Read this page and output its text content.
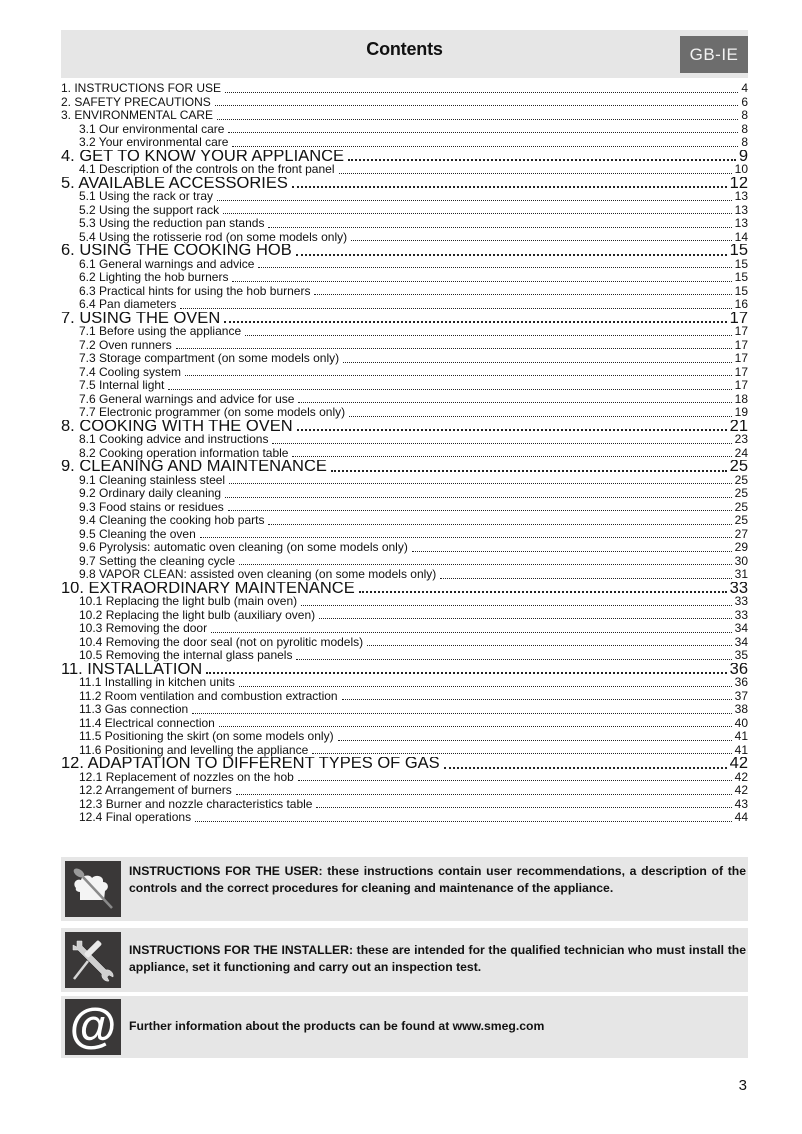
Contents	GB-IE
1. INSTRUCTIONS FOR USE	4
2. SAFETY PRECAUTIONS	6
3. ENVIRONMENTAL CARE	8
3.1 Our environmental care	8
3.2 Your environmental care	8
4. GET TO KNOW YOUR APPLIANCE	9
4.1 Description of the controls on the front panel	10
5. AVAILABLE ACCESSORIES	12
5.1 Using the rack or tray	13
5.2 Using the support rack	13
5.3 Using the reduction pan stands	13
5.4 Using the rotisserie rod (on some models only)	14
6. USING THE COOKING HOB	15
6.1 General warnings and advice	15
6.2 Lighting the hob burners	15
6.3 Practical hints for using the hob burners	15
6.4 Pan diameters	16
7. USING THE OVEN	17
7.1 Before using the appliance	17
7.2 Oven runners	17
7.3 Storage compartment (on some models only)	17
7.4 Cooling system	17
7.5 Internal light	17
7.6 General warnings and advice for use	18
7.7 Electronic programmer (on some models only)	19
8. COOKING WITH THE OVEN	21
8.1 Cooking advice and instructions	23
8.2 Cooking operation information table	24
9. CLEANING AND MAINTENANCE	25
9.1 Cleaning stainless steel	25
9.2 Ordinary daily cleaning	25
9.3 Food stains or residues	25
9.4 Cleaning the cooking hob parts	25
9.5 Cleaning the oven	27
9.6 Pyrolysis: automatic oven cleaning (on some models only)	29
9.7 Setting the cleaning cycle	30
9.8 VAPOR CLEAN: assisted oven cleaning (on some models only)	31
10. EXTRAORDINARY MAINTENANCE	33
10.1 Replacing the light bulb (main oven)	33
10.2 Replacing the light bulb (auxiliary oven)	33
10.3 Removing the door	34
10.4 Removing the door seal (not on pyrolitic models)	34
10.5 Removing the internal glass panels	35
11. INSTALLATION	36
11.1 Installing in kitchen units	36
11.2 Room ventilation and combustion extraction	37
11.3 Gas connection	38
11.4 Electrical connection	40
11.5 Positioning the skirt (on some models only)	41
11.6 Positioning and levelling the appliance	41
12. ADAPTATION TO DIFFERENT TYPES OF GAS	42
12.1 Replacement of nozzles on the hob	42
12.2 Arrangement of burners	42
12.3 Burner and nozzle characteristics table	43
12.4 Final operations	44
INSTRUCTIONS FOR THE USER: these instructions contain user recommendations, a description of the controls and the correct procedures for cleaning and maintenance of the appliance.
INSTRUCTIONS FOR THE INSTALLER: these are intended for the qualified technician who must install the appliance, set it functioning and carry out an inspection test.
@ Further information about the products can be found at www.smeg.com
3
